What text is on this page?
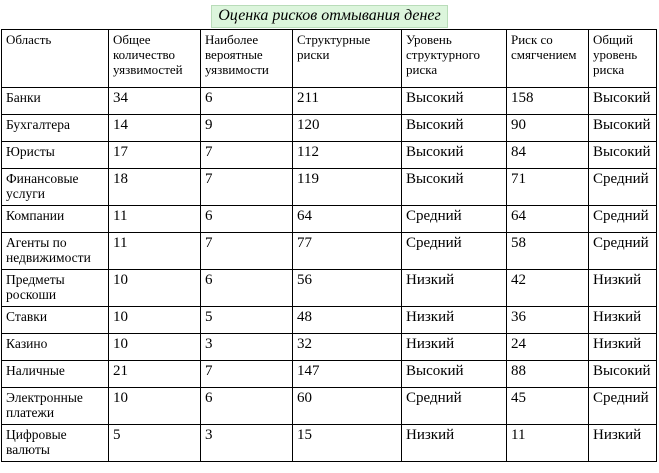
Оценка рисков отмывания денег
Область	Общее количество уязвимостей	Наиболее вероятные уязвимости	Структурные риски	Уровень структурного риска	Риск со смягчением	Общий уровень риска
Банки	34	6	211	Высокий	158	Высокий
Бухгалтера	14	9	120	Высокий	90	Высокий
Юристы	17	7	112	Высокий	84	Высокий
Финансовые услуги	18	7	119	Высокий	71	Средний
Компании	11	6	64	Средний	64	Средний
Агенты по недвижимости	11	7	77	Средний	58	Средний
Предметы роскоши	10	6	56	Низкий	42	Низкий
Ставки	10	5	48	Низкий	36	Низкий
Казино	10	3	32	Низкий	24	Низкий
Наличные	21	7	147	Высокий	88	Высокий
Электронные платежи	10	6	60	Средний	45	Средний
Цифровые валюты	5	3	15	Низкий	11	Низкий
